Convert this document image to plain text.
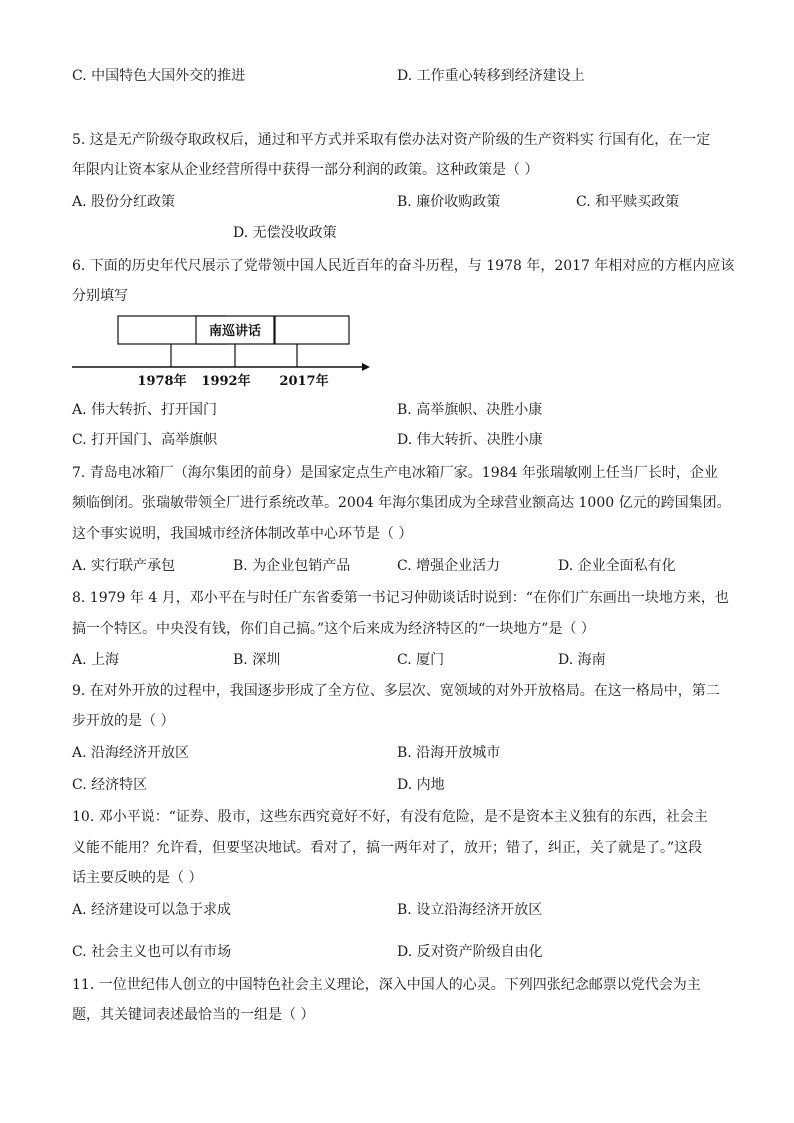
C. 中国特色大国外交的推进	D. 工作重心转移到经济建设上
5. 这是无产阶级夺取政权后，通过和平方式并采取有偿办法对资产阶级的生产资料实 行国有化，在一定
年限内让资本家从企业经营所得中获得一部分利润的政策。这种政策是（ ）
A. 股份分红政策	B. 廉价收购政策	C. 和平赎买政策
D. 无偿没收政策
6. 下面的历史年代尺展示了党带领中国人民近百年的奋斗历程，与 1978 年，2017 年相对应的方框内应该
分别填写
南巡讲话
1978年 1992年 2017年
A. 伟大转折、打开国门	B. 高举旗帜、决胜小康
C. 打开国门、高举旗帜	D. 伟大转折、决胜小康
7. 青岛电冰箱厂（海尔集团的前身）是国家定点生产电冰箱厂家。1984 年张瑞敏刚上任当厂长时，企业
频临倒闭。张瑞敏带领全厂进行系统改革。2004 年海尔集团成为全球营业额高达 1000 亿元的跨国集团。
这个事实说明，我国城市经济体制改革中心环节是（ ）
A. 实行联产承包	B. 为企业包销产品	C. 增强企业活力	D. 企业全面私有化
8. 1979 年 4 月，邓小平在与时任广东省委第一书记习仲勋谈话时说到：“在你们广东画出一块地方来，也
搞一个特区。中央没有钱，你们自己搞。”这个后来成为经济特区的“一块地方”是（ ）
A. 上海	B. 深圳	C. 厦门	D. 海南
9. 在对外开放的过程中，我国逐步形成了全方位、多层次、宽领域的对外开放格局。在这一格局中，第二
步开放的是（ ）
A. 沿海经济开放区	B. 沿海开放城市
C. 经济特区	D. 内地
10. 邓小平说：“证券、股市，这些东西究竟好不好，有没有危险，是不是资本主义独有的东西，社会主
义能不能用？允许看，但要坚决地试。看对了，搞一两年对了，放开；错了，纠正，关了就是了。”这段
话主要反映的是（ ）
A. 经济建设可以急于求成	B. 设立沿海经济开放区
C. 社会主义也可以有市场	D. 反对资产阶级自由化
11. 一位世纪伟人创立的中国特色社会主义理论，深入中国人的心灵。下列四张纪念邮票以党代会为主
题，其关键词表述最恰当的一组是（ ）
